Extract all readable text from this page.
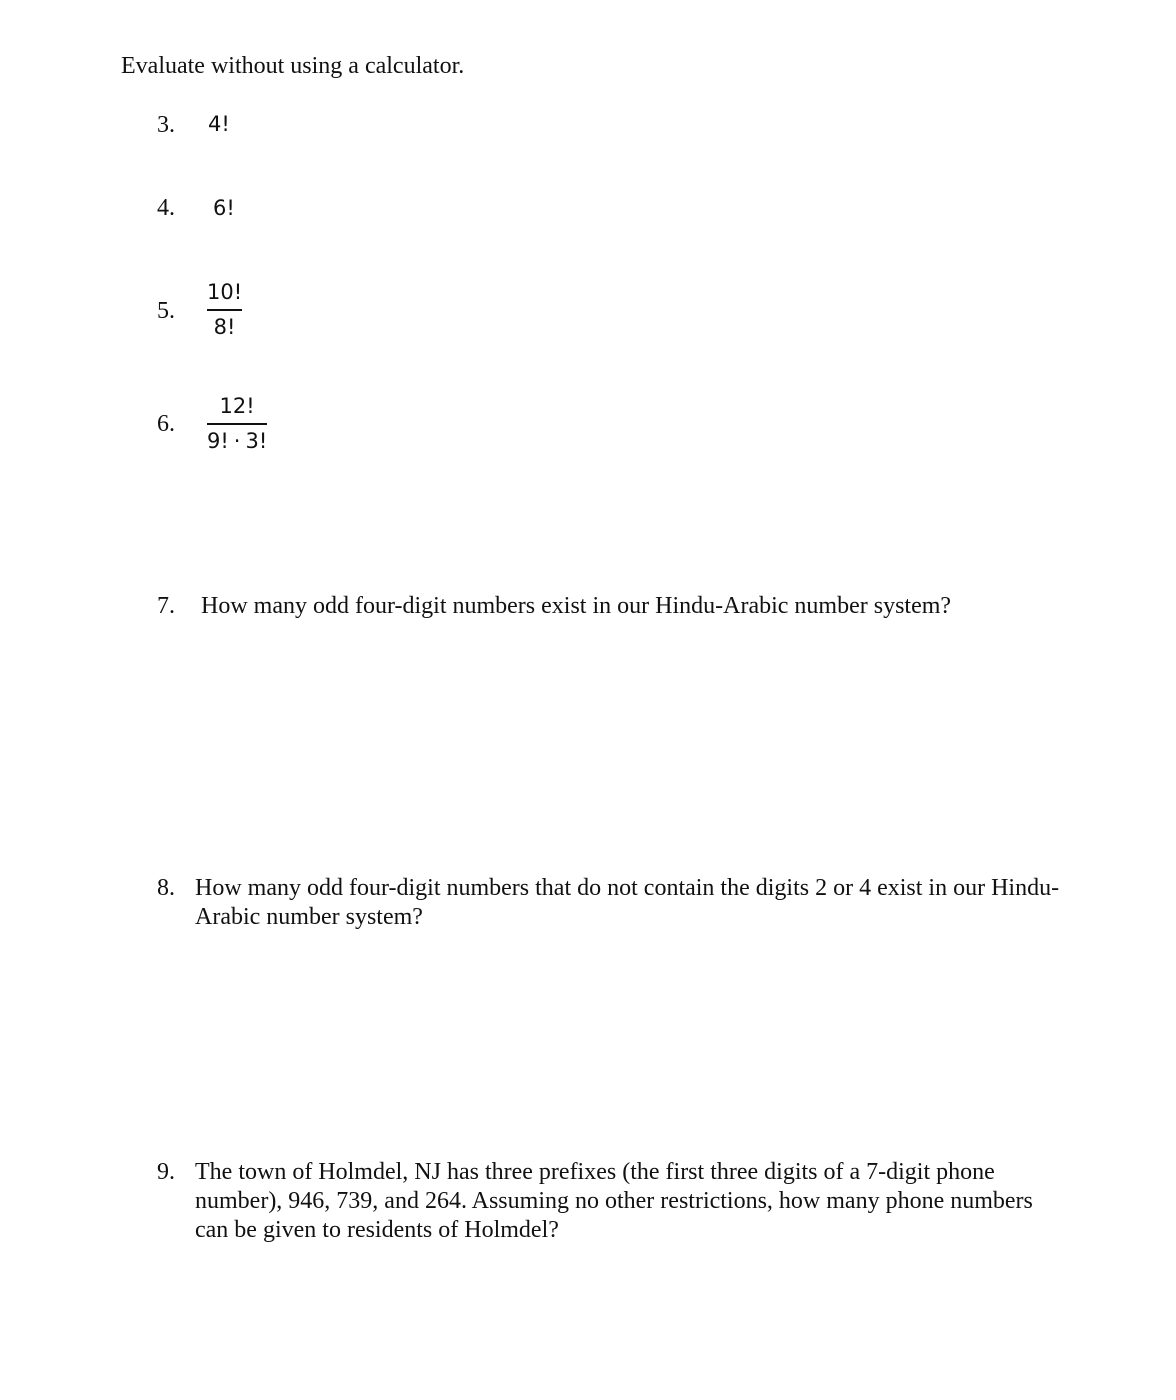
Evaluate without using a calculator.
3. 4!
4. 6!
5.
10!
8!
6.
12!
9! · 3!
7. How many odd four-digit numbers exist in our Hindu-Arabic number system?
8. How many odd four-digit numbers that do not contain the digits 2 or 4 exist in our Hindu-Arabic number system?
9. The town of Holmdel, NJ has three prefixes (the first three digits of a 7-digit phone number), 946, 739, and 264. Assuming no other restrictions, how many phone numbers can be given to residents of Holmdel?
